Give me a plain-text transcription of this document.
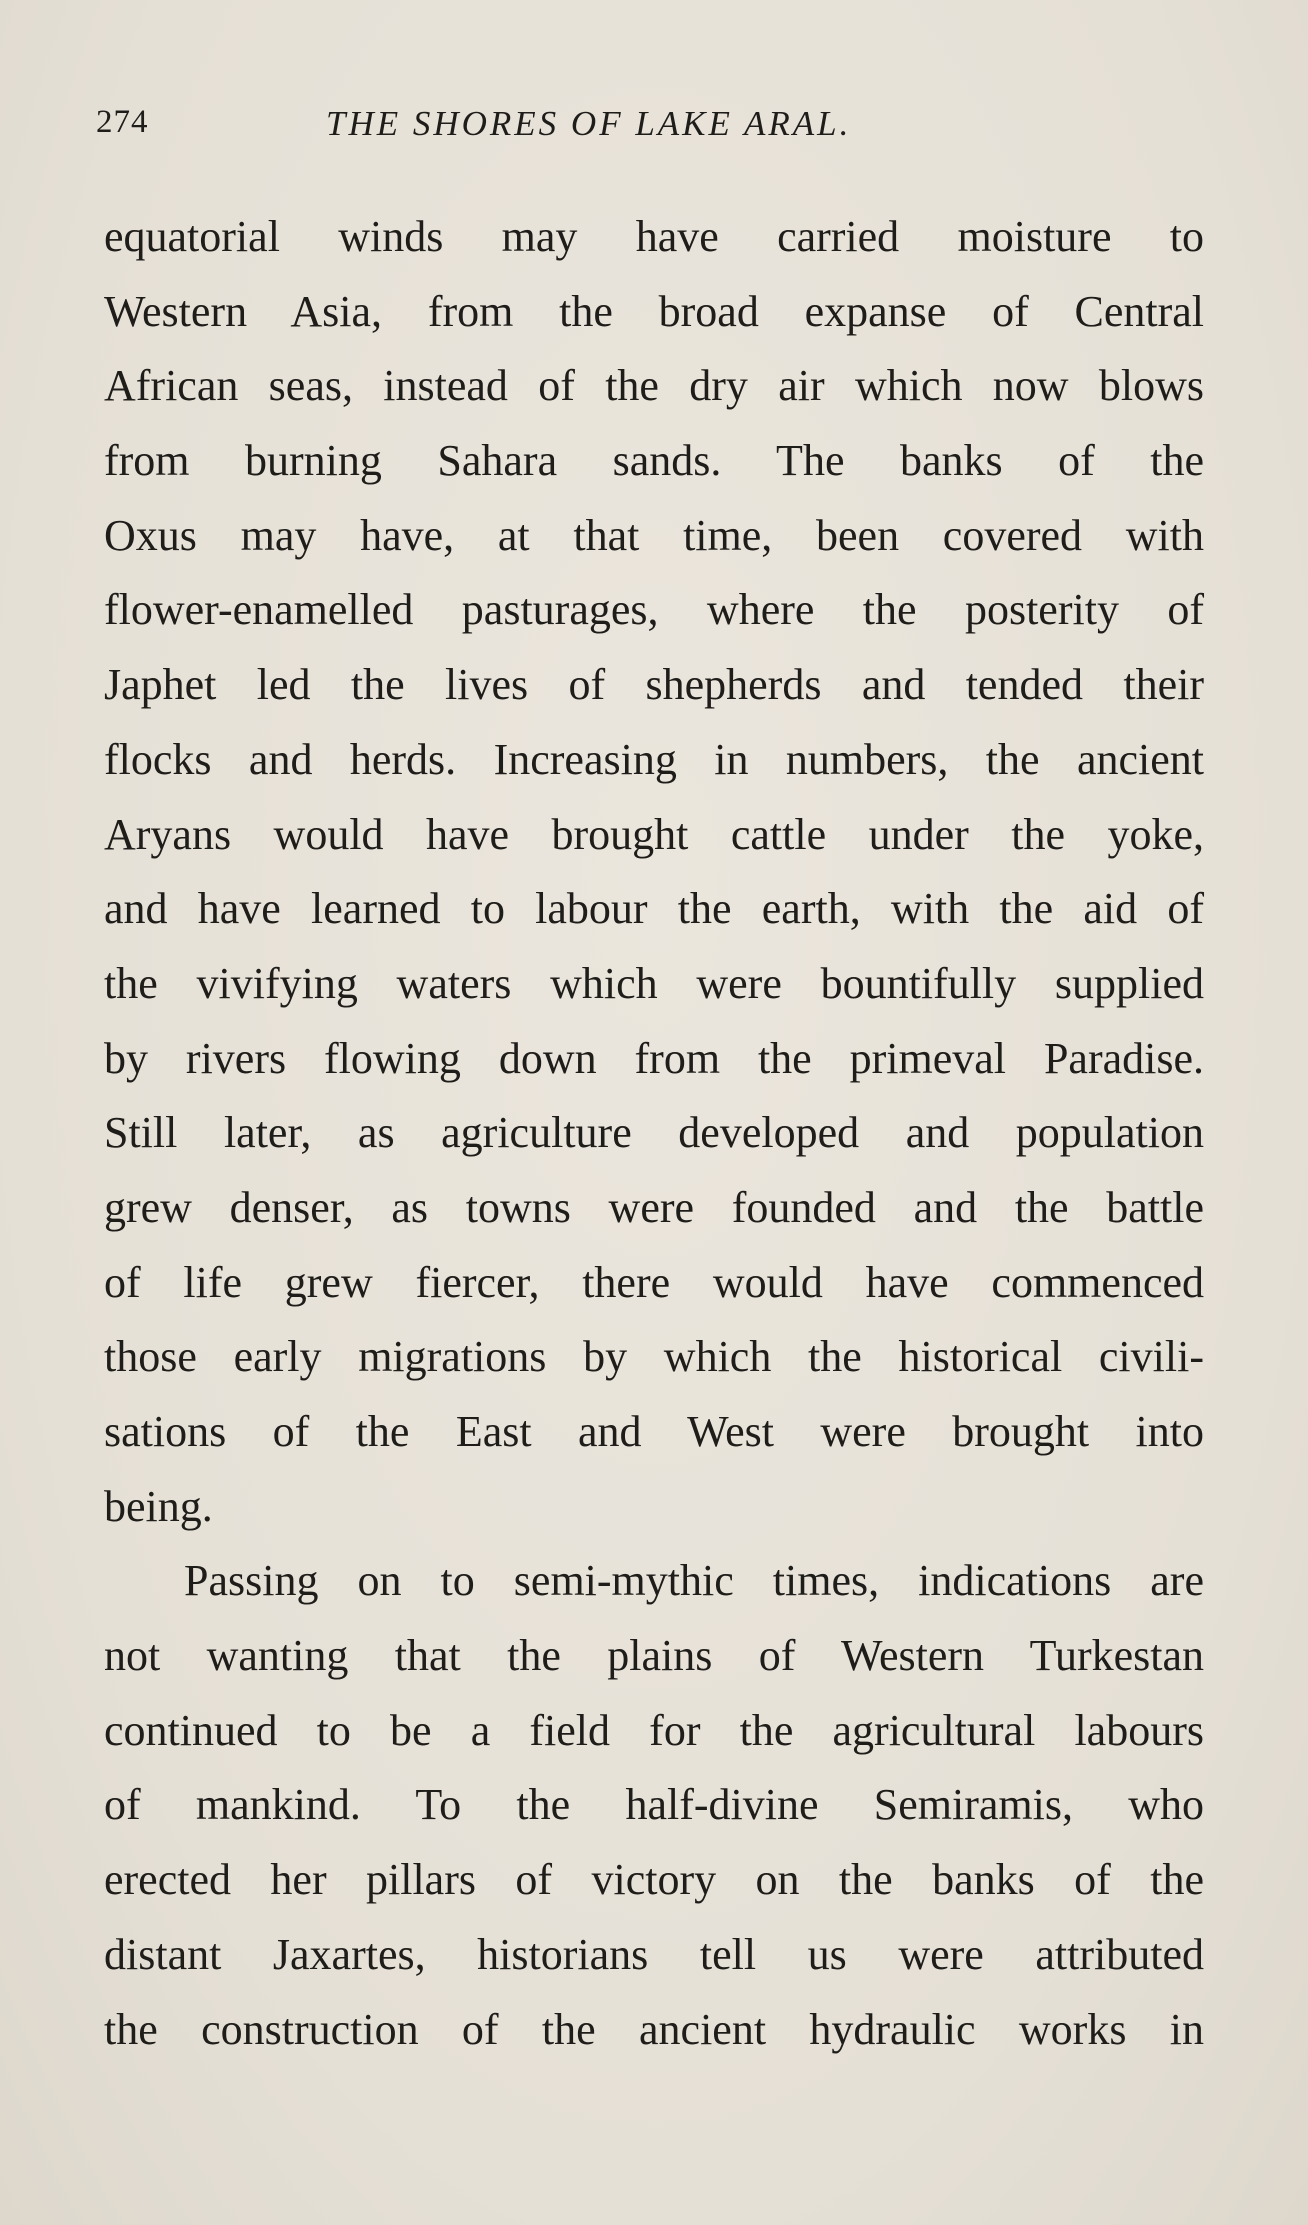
274	THE SHORES OF LAKE ARAL.
equatorial winds may have carried moisture to
Western Asia, from the broad expanse of Central
African seas, instead of the dry air which now blows
from burning Sahara sands. The banks of the
Oxus may have, at that time, been covered with
flower-enamelled pasturages, where the posterity of
Japhet led the lives of shepherds and tended their
flocks and herds. Increasing in numbers, the ancient
Aryans would have brought cattle under the yoke,
and have learned to labour the earth, with the aid of
the vivifying waters which were bountifully supplied
by rivers flowing down from the primeval Paradise.
Still later, as agriculture developed and population
grew denser, as towns were founded and the battle
of life grew fiercer, there would have commenced
those early migrations by which the historical civili-
sations of the East and West were brought into
being.
Passing on to semi-mythic times, indications are
not wanting that the plains of Western Turkestan
continued to be a field for the agricultural labours
of mankind. To the half-divine Semiramis, who
erected her pillars of victory on the banks of the
distant Jaxartes, historians tell us were attributed
the construction of the ancient hydraulic works in
